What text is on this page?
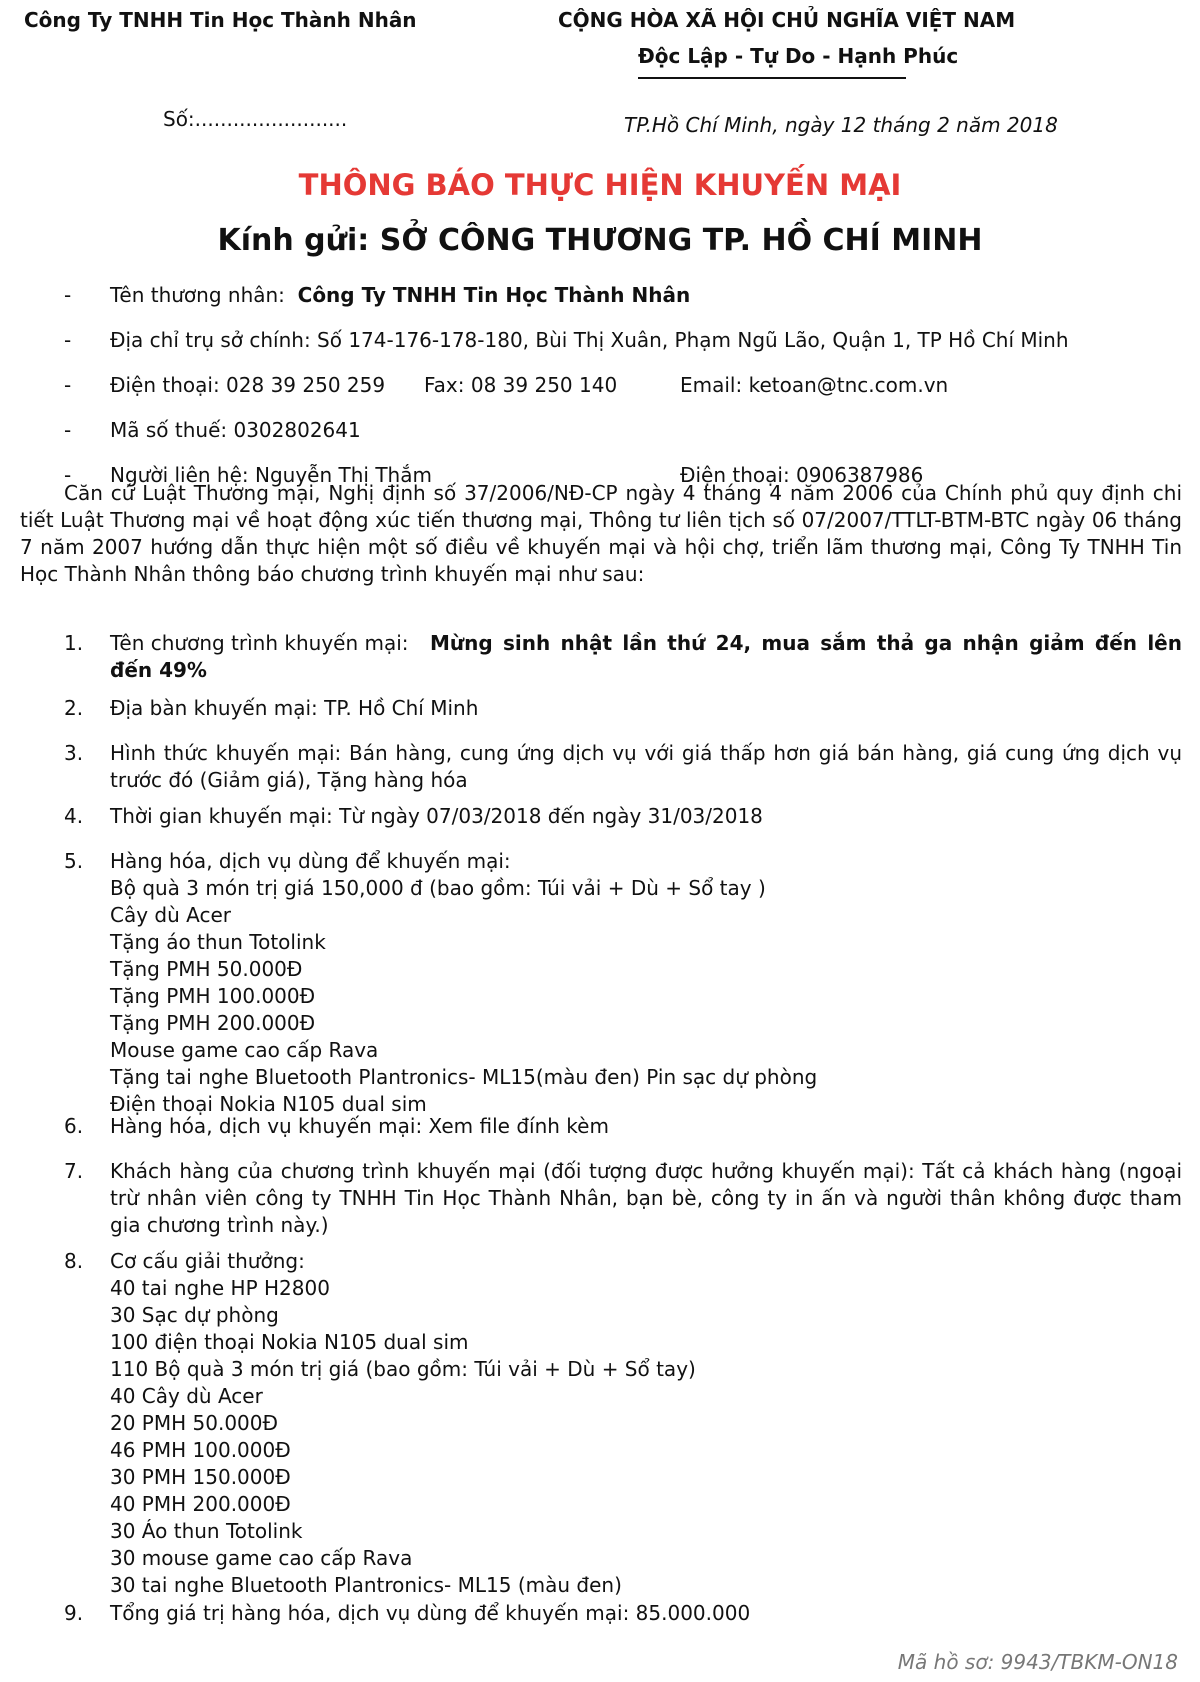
Công Ty TNHH Tin Học Thành Nhân	CỘNG HÒA XÃ HỘI CHỦ NGHĨA VIỆT NAM
Độc Lập - Tự Do - Hạnh Phúc
Số:........................	TP.Hồ Chí Minh, ngày 12 tháng 2 năm 2018
THÔNG BÁO THỰC HIỆN KHUYẾN MẠI
Kính gửi: SỞ CÔNG THƯƠNG TP. HỒ CHÍ MINH
- Tên thương nhân: Công Ty TNHH Tin Học Thành Nhân
- Địa chỉ trụ sở chính: Số 174-176-178-180, Bùi Thị Xuân, Phạm Ngũ Lão, Quận 1, TP Hồ Chí Minh
- Điện thoại: 028 39 250 259 Fax: 08 39 250 140	Email: ketoan@tnc.com.vn
- Mã số thuế: 0302802641
- Người liên hệ: Nguyễn Thị Thắm	Điện thoại: 0906387986
Căn cứ Luật Thương mại, Nghị định số 37/2006/NĐ-CP ngày 4 tháng 4 năm 2006 của Chính phủ quy định chi tiết Luật Thương mại về hoạt động xúc tiến thương mại, Thông tư liên tịch số 07/2007/TTLT-BTM-BTC ngày 06 tháng 7 năm 2007 hướng dẫn thực hiện một số điều về khuyến mại và hội chợ, triển lãm thương mại, Công Ty TNHH Tin Học Thành Nhân thông báo chương trình khuyến mại như sau:
1. Tên chương trình khuyến mại: Mừng sinh nhật lần thứ 24, mua sắm thả ga nhận giảm đến lên đến 49%
2. Địa bàn khuyến mại: TP. Hồ Chí Minh
3. Hình thức khuyến mại: Bán hàng, cung ứng dịch vụ với giá thấp hơn giá bán hàng, giá cung ứng dịch vụ trước đó (Giảm giá), Tặng hàng hóa
4. Thời gian khuyến mại: Từ ngày 07/03/2018 đến ngày 31/03/2018
5. Hàng hóa, dịch vụ dùng để khuyến mại:
Bộ quà 3 món trị giá 150,000 đ (bao gồm: Túi vải + Dù + Sổ tay )
Cây dù Acer
Tặng áo thun Totolink
Tặng PMH 50.000Đ
Tặng PMH 100.000Đ
Tặng PMH 200.000Đ
Mouse game cao cấp Rava
Tặng tai nghe Bluetooth Plantronics- ML15(màu đen) Pin sạc dự phòng
Điện thoại Nokia N105 dual sim
6. Hàng hóa, dịch vụ khuyến mại: Xem file đính kèm
7. Khách hàng của chương trình khuyến mại (đối tượng được hưởng khuyến mại): Tất cả khách hàng (ngoại trừ nhân viên công ty TNHH Tin Học Thành Nhân, bạn bè, công ty in ấn và người thân không được tham gia chương trình này.)
8. Cơ cấu giải thưởng:
40 tai nghe HP H2800
30 Sạc dự phòng
100 điện thoại Nokia N105 dual sim
110 Bộ quà 3 món trị giá (bao gồm: Túi vải + Dù + Sổ tay)
40 Cây dù Acer
20 PMH 50.000Đ
46 PMH 100.000Đ
30 PMH 150.000Đ
40 PMH 200.000Đ
30 Áo thun Totolink
30 mouse game cao cấp Rava
30 tai nghe Bluetooth Plantronics- ML15 (màu đen)
9. Tổng giá trị hàng hóa, dịch vụ dùng để khuyến mại: 85.000.000
Mã hồ sơ: 9943/TBKM-ON18
